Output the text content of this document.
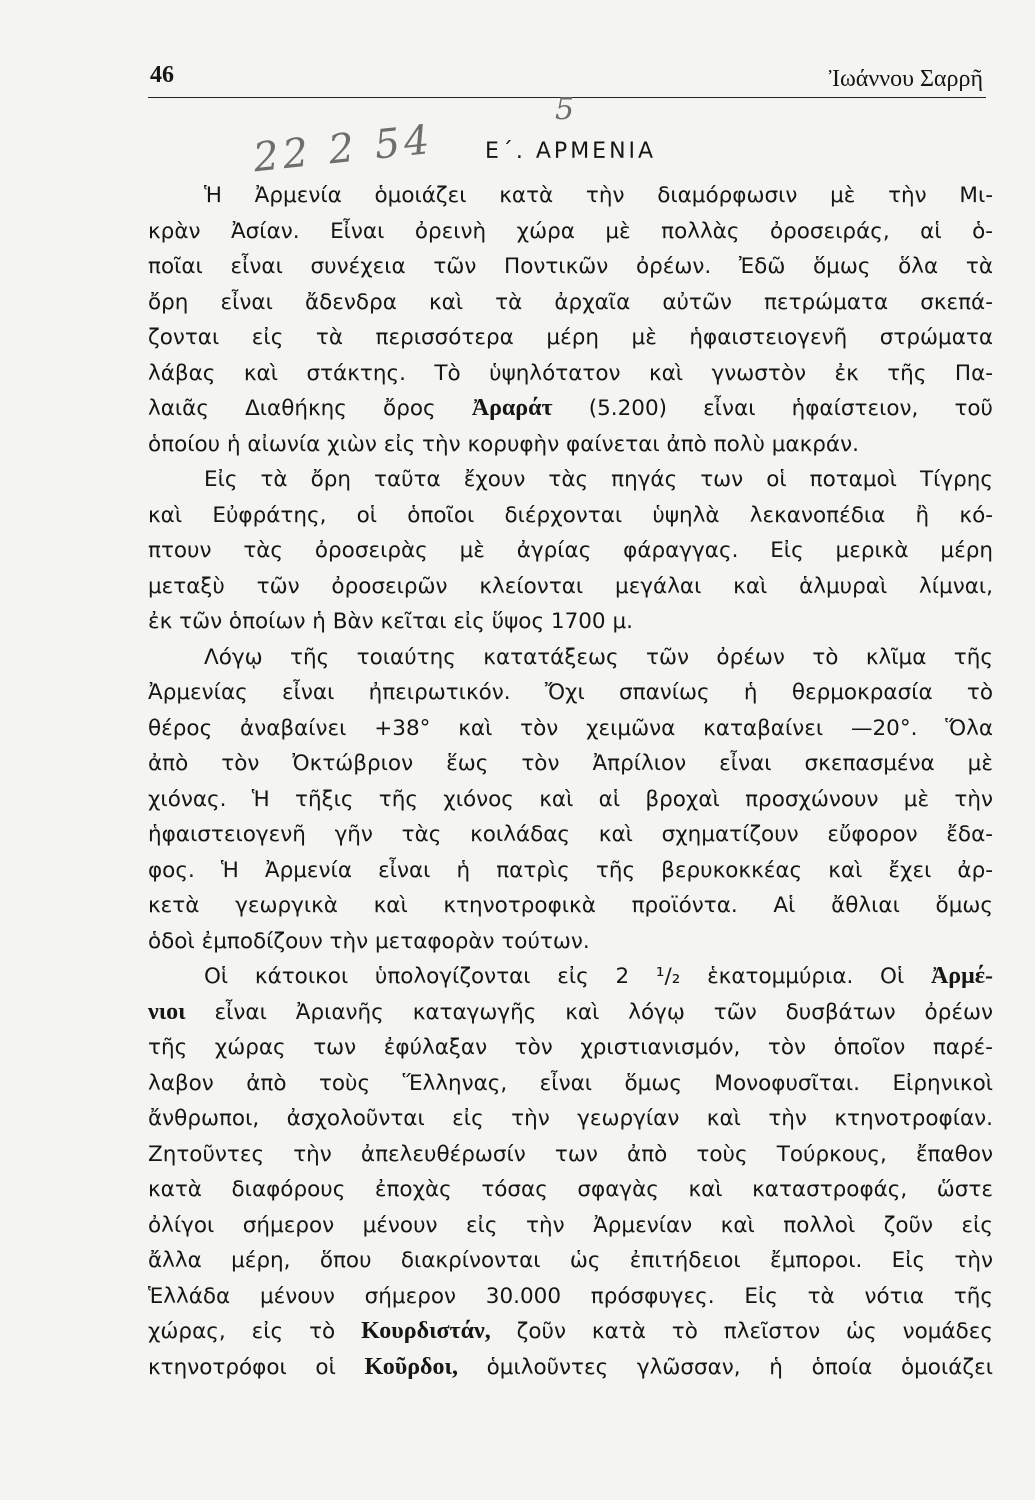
46	Ἰωάννου Σαρρῆ
5
22 2 54 Ε΄. ΑΡΜΕΝΙΑ
Ἡ Ἀρμενία ὁμοιάζει κατὰ τὴν διαμόρφωσιν μὲ τὴν Μι-
κρὰν Ἀσίαν. Εἶναι ὀρεινὴ χώρα μὲ πολλὰς ὀροσειράς, αἱ ὁ-
ποῖαι εἶναι συνέχεια τῶν Ποντικῶν ὀρέων. Ἐδῶ ὅμως ὅλα τὰ
ὄρη εἶναι ἄδενδρα καὶ τὰ ἀρχαῖα αὐτῶν πετρώματα σκεπά-
ζονται εἰς τὰ περισσότερα μέρη μὲ ἡφαιστειογενῆ στρώματα
λάβας καὶ στάκτης. Τὸ ὑψηλότατον καὶ γνωστὸν ἐκ τῆς Πα-
λαιᾶς Διαθήκης ὄρος Ἀραράτ (5.200) εἶναι ἡφαίστειον, τοῦ
ὁποίου ἡ αἰωνία χιὼν εἰς τὴν κορυφὴν φαίνεται ἀπὸ πολὺ μακράν.
Εἰς τὰ ὄρη ταῦτα ἔχουν τὰς πηγάς των οἱ ποταμοὶ Τίγρης
καὶ Εὐφράτης, οἱ ὁποῖοι διέρχονται ὑψηλὰ λεκανοπέδια ἢ κό-
πτουν τὰς ὀροσειρὰς μὲ ἀγρίας φάραγγας. Εἰς μερικὰ μέρη
μεταξὺ τῶν ὀροσειρῶν κλείονται μεγάλαι καὶ ἁλμυραὶ λίμναι,
ἐκ τῶν ὁποίων ἡ Βὰν κεῖται εἰς ὕψος 1700 μ.
Λόγῳ τῆς τοιαύτης κατατάξεως τῶν ὀρέων τὸ κλῖμα τῆς
Ἀρμενίας εἶναι ἠπειρωτικόν. Ὄχι σπανίως ἡ θερμοκρασία τὸ
θέρος ἀναβαίνει +38° καὶ τὸν χειμῶνα καταβαίνει —20°. Ὅλα
ἀπὸ τὸν Ὀκτώβριον ἕως τὸν Ἀπρίλιον εἶναι σκεπασμένα μὲ
χιόνας. Ἡ τῆξις τῆς χιόνος καὶ αἱ βροχαὶ προσχώνουν μὲ τὴν
ἡφαιστειογενῆ γῆν τὰς κοιλάδας καὶ σχηματίζουν εὔφορον ἔδα-
φος. Ἡ Ἀρμενία εἶναι ἡ πατρὶς τῆς βερυκοκκέας καὶ ἔχει ἀρ-
κετὰ γεωργικὰ καὶ κτηνοτροφικὰ προϊόντα. Αἱ ἄθλιαι ὅμως
ὁδοὶ ἐμποδίζουν τὴν μεταφορὰν τούτων.
Οἱ κάτοικοι ὑπολογίζονται εἰς 2 ¹/₂ ἑκατομμύρια. Οἱ Ἀρμέ-
νιοι εἶναι Ἀριανῆς καταγωγῆς καὶ λόγῳ τῶν δυσβάτων ὀρέων
τῆς χώρας των ἐφύλαξαν τὸν χριστιανισμόν, τὸν ὁποῖον παρέ-
λαβον ἀπὸ τοὺς Ἕλληνας, εἶναι ὅμως Μονοφυσῖται. Εἰρηνικοὶ
ἄνθρωποι, ἀσχολοῦνται εἰς τὴν γεωργίαν καὶ τὴν κτηνοτροφίαν.
Ζητοῦντες τὴν ἀπελευθέρωσίν των ἀπὸ τοὺς Τούρκους, ἔπαθον
κατὰ διαφόρους ἐποχὰς τόσας σφαγὰς καὶ καταστροφάς, ὥστε
ὀλίγοι σήμερον μένουν εἰς τὴν Ἀρμενίαν καὶ πολλοὶ ζοῦν εἰς
ἄλλα μέρη, ὅπου διακρίνονται ὡς ἐπιτήδειοι ἔμποροι. Εἰς τὴν
Ἑλλάδα μένουν σήμερον 30.000 πρόσφυγες. Εἰς τὰ νότια τῆς
χώρας, εἰς τὸ Κουρδιστάν, ζοῦν κατὰ τὸ πλεῖστον ὡς νομάδες
κτηνοτρόφοι οἱ Κοῦρδοι, ὁμιλοῦντες γλῶσσαν, ἡ ὁποία ὁμοιάζει
